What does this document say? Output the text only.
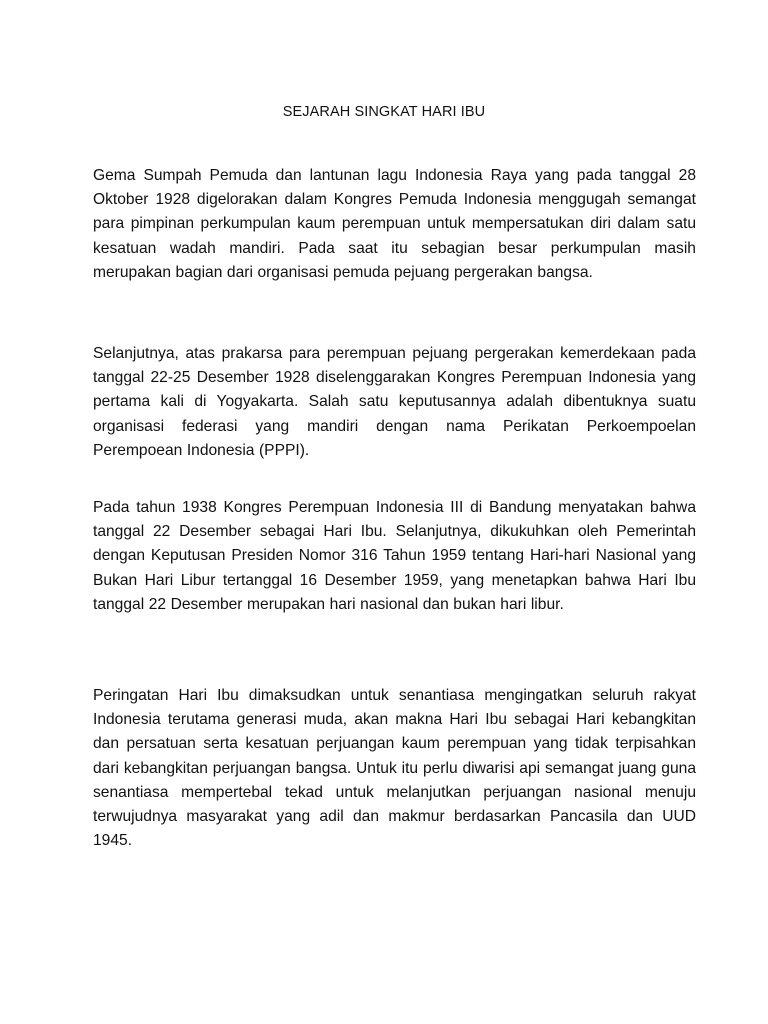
SEJARAH SINGKAT HARI IBU

Gema Sumpah Pemuda dan lantunan lagu Indonesia Raya yang pada tanggal 28 Oktober 1928 digelorakan dalam Kongres Pemuda Indonesia menggugah semangat para pimpinan perkumpulan kaum perempuan untuk mempersatukan diri dalam satu kesatuan wadah mandiri. Pada saat itu sebagian besar perkumpulan masih merupakan bagian dari organisasi pemuda pejuang pergerakan bangsa.

Selanjutnya, atas prakarsa para perempuan pejuang pergerakan kemerdekaan pada tanggal 22-25 Desember 1928 diselenggarakan Kongres Perempuan Indonesia yang pertama kali di Yogyakarta. Salah satu keputusannya adalah dibentuknya suatu organisasi federasi yang mandiri dengan nama Perikatan Perkoempoelan Perempoean Indonesia (PPPI).

Pada tahun 1938 Kongres Perempuan Indonesia III di Bandung menyatakan bahwa tanggal 22 Desember sebagai Hari Ibu. Selanjutnya, dikukuhkan oleh Pemerintah dengan Keputusan Presiden Nomor 316 Tahun 1959 tentang Hari-hari Nasional yang Bukan Hari Libur tertanggal 16 Desember 1959, yang menetapkan bahwa Hari Ibu tanggal 22 Desember merupakan hari nasional dan bukan hari libur.

Peringatan Hari Ibu dimaksudkan untuk senantiasa mengingatkan seluruh rakyat Indonesia terutama generasi muda, akan makna Hari Ibu sebagai Hari kebangkitan dan persatuan serta kesatuan perjuangan kaum perempuan yang tidak terpisahkan dari kebangkitan perjuangan bangsa. Untuk itu perlu diwarisi api semangat juang guna senantiasa mempertebal tekad untuk melanjutkan perjuangan nasional menuju terwujudnya masyarakat yang adil dan makmur berdasarkan Pancasila dan UUD 1945.
